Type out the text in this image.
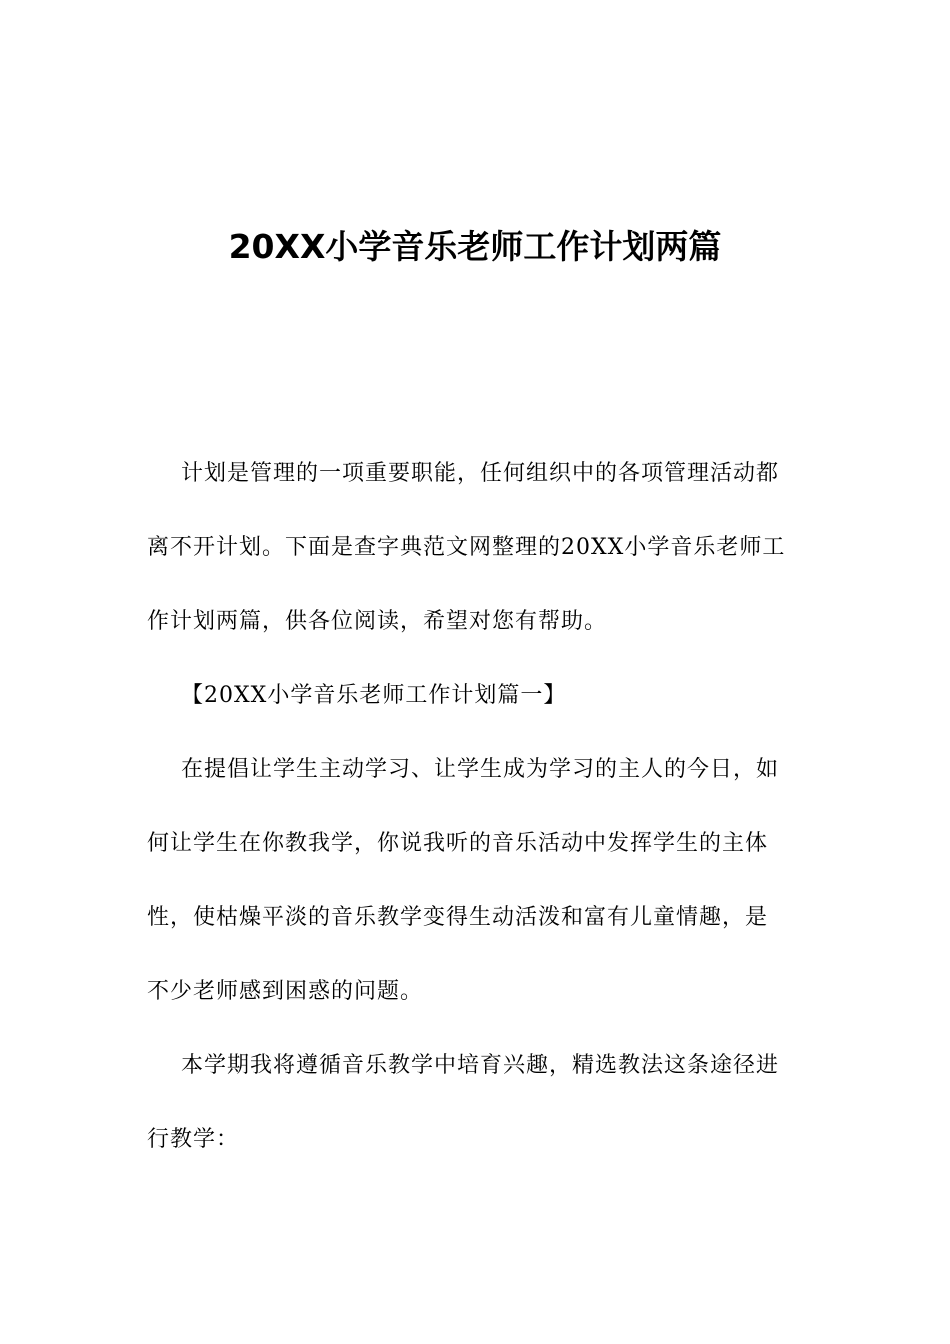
20XX小学音乐老师工作计划两篇
计划是管理的一项重要职能，任何组织中的各项管理活动都
离不开计划。下面是查字典范文网整理的20XX小学音乐老师工
作计划两篇，供各位阅读，希望对您有帮助。
【20XX小学音乐老师工作计划篇一】
在提倡让学生主动学习、让学生成为学习的主人的今日，如
何让学生在你教我学，你说我听的音乐活动中发挥学生的主体
性，使枯燥平淡的音乐教学变得生动活泼和富有儿童情趣，是
不少老师感到困惑的问题。
本学期我将遵循音乐教学中培育兴趣，精选教法这条途径进
行教学：
